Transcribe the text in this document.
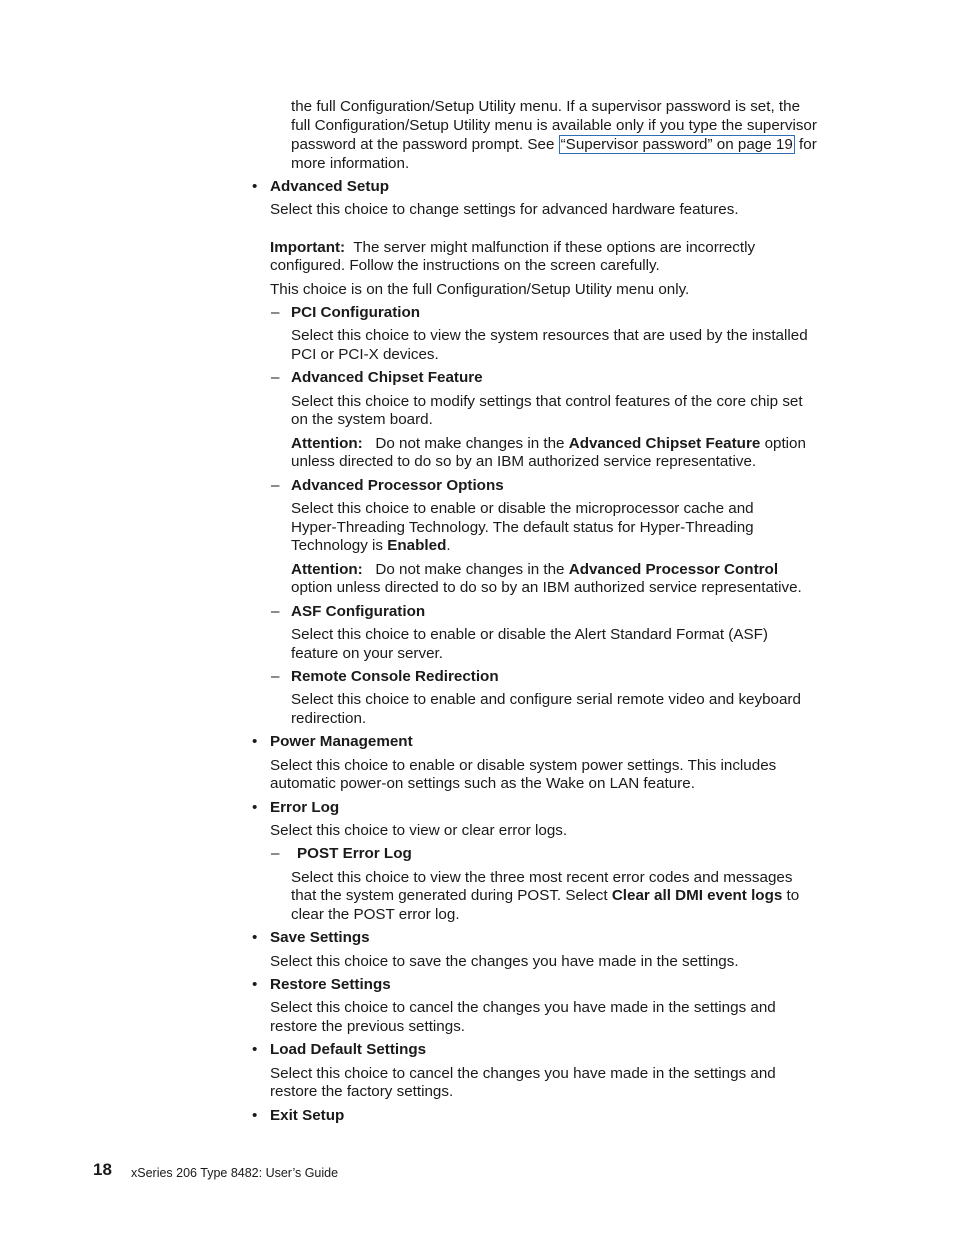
the full Configuration/Setup Utility menu. If a supervisor password is set, the
full Configuration/Setup Utility menu is available only if you type the supervisor
password at the password prompt. See “Supervisor password” on page 19 for
more information.
• Advanced Setup
Select this choice to change settings for advanced hardware features.
Important: The server might malfunction if these options are incorrectly
configured. Follow the instructions on the screen carefully.
This choice is on the full Configuration/Setup Utility menu only.
– PCI Configuration
Select this choice to view the system resources that are used by the installed
PCI or PCI-X devices.
– Advanced Chipset Feature
Select this choice to modify settings that control features of the core chip set
on the system board.
Attention: Do not make changes in the Advanced Chipset Feature option
unless directed to do so by an IBM authorized service representative.
– Advanced Processor Options
Select this choice to enable or disable the microprocessor cache and
Hyper-Threading Technology. The default status for Hyper-Threading
Technology is Enabled.
Attention: Do not make changes in the Advanced Processor Control
option unless directed to do so by an IBM authorized service representative.
– ASF Configuration
Select this choice to enable or disable the Alert Standard Format (ASF)
feature on your server.
– Remote Console Redirection
Select this choice to enable and configure serial remote video and keyboard
redirection.
• Power Management
Select this choice to enable or disable system power settings. This includes
automatic power-on settings such as the Wake on LAN feature.
• Error Log
Select this choice to view or clear error logs.
– POST Error Log
Select this choice to view the three most recent error codes and messages
that the system generated during POST. Select Clear all DMI event logs to
clear the POST error log.
• Save Settings
Select this choice to save the changes you have made in the settings.
• Restore Settings
Select this choice to cancel the changes you have made in the settings and
restore the previous settings.
• Load Default Settings
Select this choice to cancel the changes you have made in the settings and
restore the factory settings.
• Exit Setup
18 xSeries 206 Type 8482: User’s Guide
